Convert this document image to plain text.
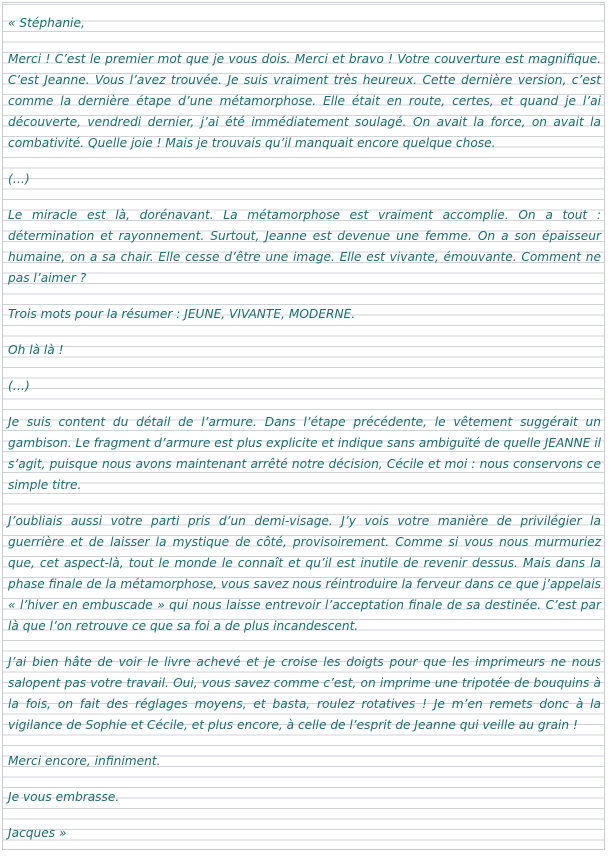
« Stéphanie,

Merci ! C’est le premier mot que je vous dois. Merci et bravo ! Votre couverture est magnifique. C’est Jeanne. Vous l’avez trouvée. Je suis vraiment très heureux. Cette dernière version, c’est comme la dernière étape d’une métamorphose. Elle était en route, certes, et quand je l’ai découverte, vendredi dernier, j’ai été immédiatement soulagé. On avait la force, on avait la combativité. Quelle joie ! Mais je trouvais qu’il manquait encore quelque chose.

(…)

Le miracle est là, dorénavant. La métamorphose est vraiment accomplie. On a tout : détermination et rayonnement. Surtout, Jeanne est devenue une femme. On a son épaisseur humaine, on a sa chair. Elle cesse d’être une image. Elle est vivante, émouvante. Comment ne pas l’aimer ?

Trois mots pour la résumer : JEUNE, VIVANTE, MODERNE.

Oh là là !

(…)

Je suis content du détail de l’armure. Dans l’étape précédente, le vêtement suggérait un gambison. Le fragment d’armure est plus explicite et indique sans ambiguïté de quelle JEANNE il s’agit, puisque nous avons maintenant arrêté notre décision, Cécile et moi : nous conservons ce simple titre.

J’oubliais aussi votre parti pris d’un demi-visage. J’y vois votre manière de privilégier la guerrière et de laisser la mystique de côté, provisoirement. Comme si vous nous murmuriez que, cet aspect-là, tout le monde le connaît et qu’il est inutile de revenir dessus. Mais dans la phase finale de la métamorphose, vous savez nous réintroduire la ferveur dans ce que j’appelais « l’hiver en embuscade » qui nous laisse entrevoir l’acceptation finale de sa destinée. C’est par là que l’on retrouve ce que sa foi a de plus incandescent.

J’ai bien hâte de voir le livre achevé et je croise les doigts pour que les imprimeurs ne nous salopent pas votre travail. Oui, vous savez comme c’est, on imprime une tripotée de bouquins à la fois, on fait des réglages moyens, et basta, roulez rotatives ! Je m’en remets donc à la vigilance de Sophie et Cécile, et plus encore, à celle de l’esprit de Jeanne qui veille au grain !

Merci encore, infiniment.

Je vous embrasse.

Jacques »
